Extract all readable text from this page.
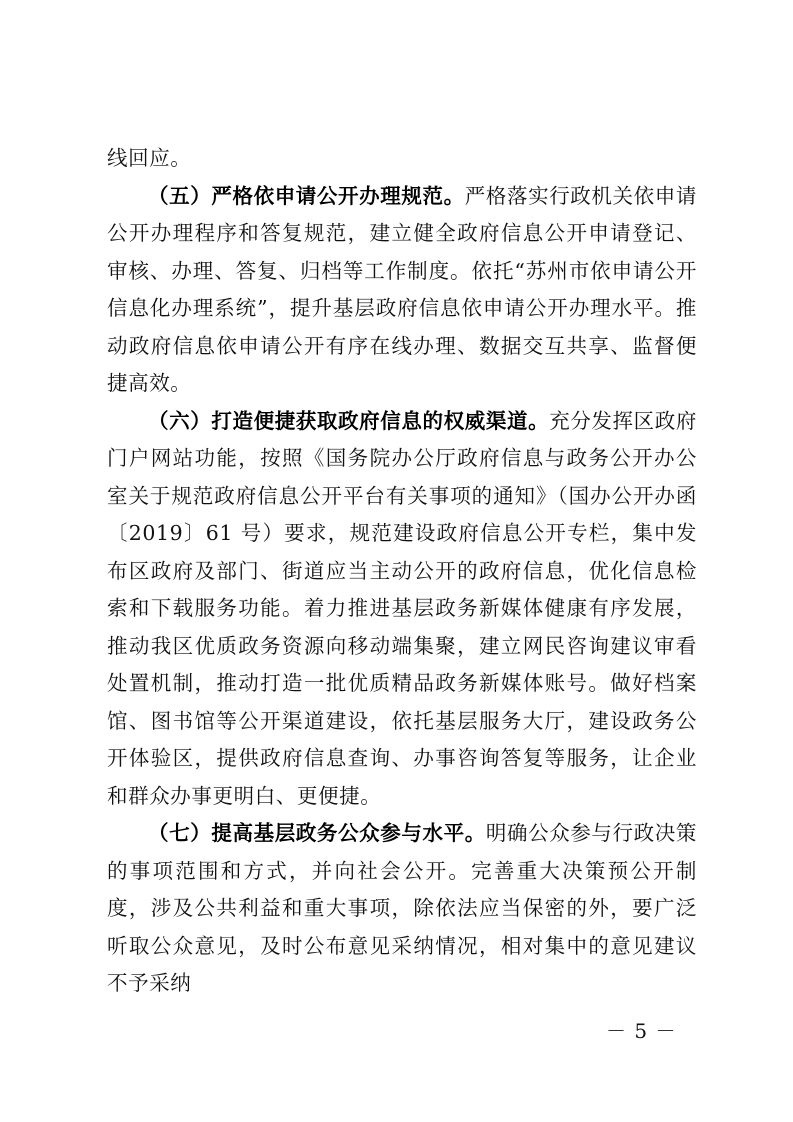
线回应。

（五）严格依申请公开办理规范。严格落实行政机关依申请公开办理程序和答复规范，建立健全政府信息公开申请登记、审核、办理、答复、归档等工作制度。依托“苏州市依申请公开信息化办理系统”，提升基层政府信息依申请公开办理水平。推动政府信息依申请公开有序在线办理、数据交互共享、监督便捷高效。

（六）打造便捷获取政府信息的权威渠道。充分发挥区政府门户网站功能，按照《国务院办公厅政府信息与政务公开办公室关于规范政府信息公开平台有关事项的通知》（国办公开办函〔2019〕61 号）要求，规范建设政府信息公开专栏，集中发布区政府及部门、街道应当主动公开的政府信息，优化信息检索和下载服务功能。着力推进基层政务新媒体健康有序发展，推动我区优质政务资源向移动端集聚，建立网民咨询建议审看处置机制，推动打造一批优质精品政务新媒体账号。做好档案馆、图书馆等公开渠道建设，依托基层服务大厅，建设政务公开体验区，提供政府信息查询、办事咨询答复等服务，让企业和群众办事更明白、更便捷。

（七）提高基层政务公众参与水平。明确公众参与行政决策的事项范围和方式，并向社会公开。完善重大决策预公开制度，涉及公共利益和重大事项，除依法应当保密的外，要广泛听取公众意见，及时公布意见采纳情况，相对集中的意见建议不予采纳

－ 5 －
